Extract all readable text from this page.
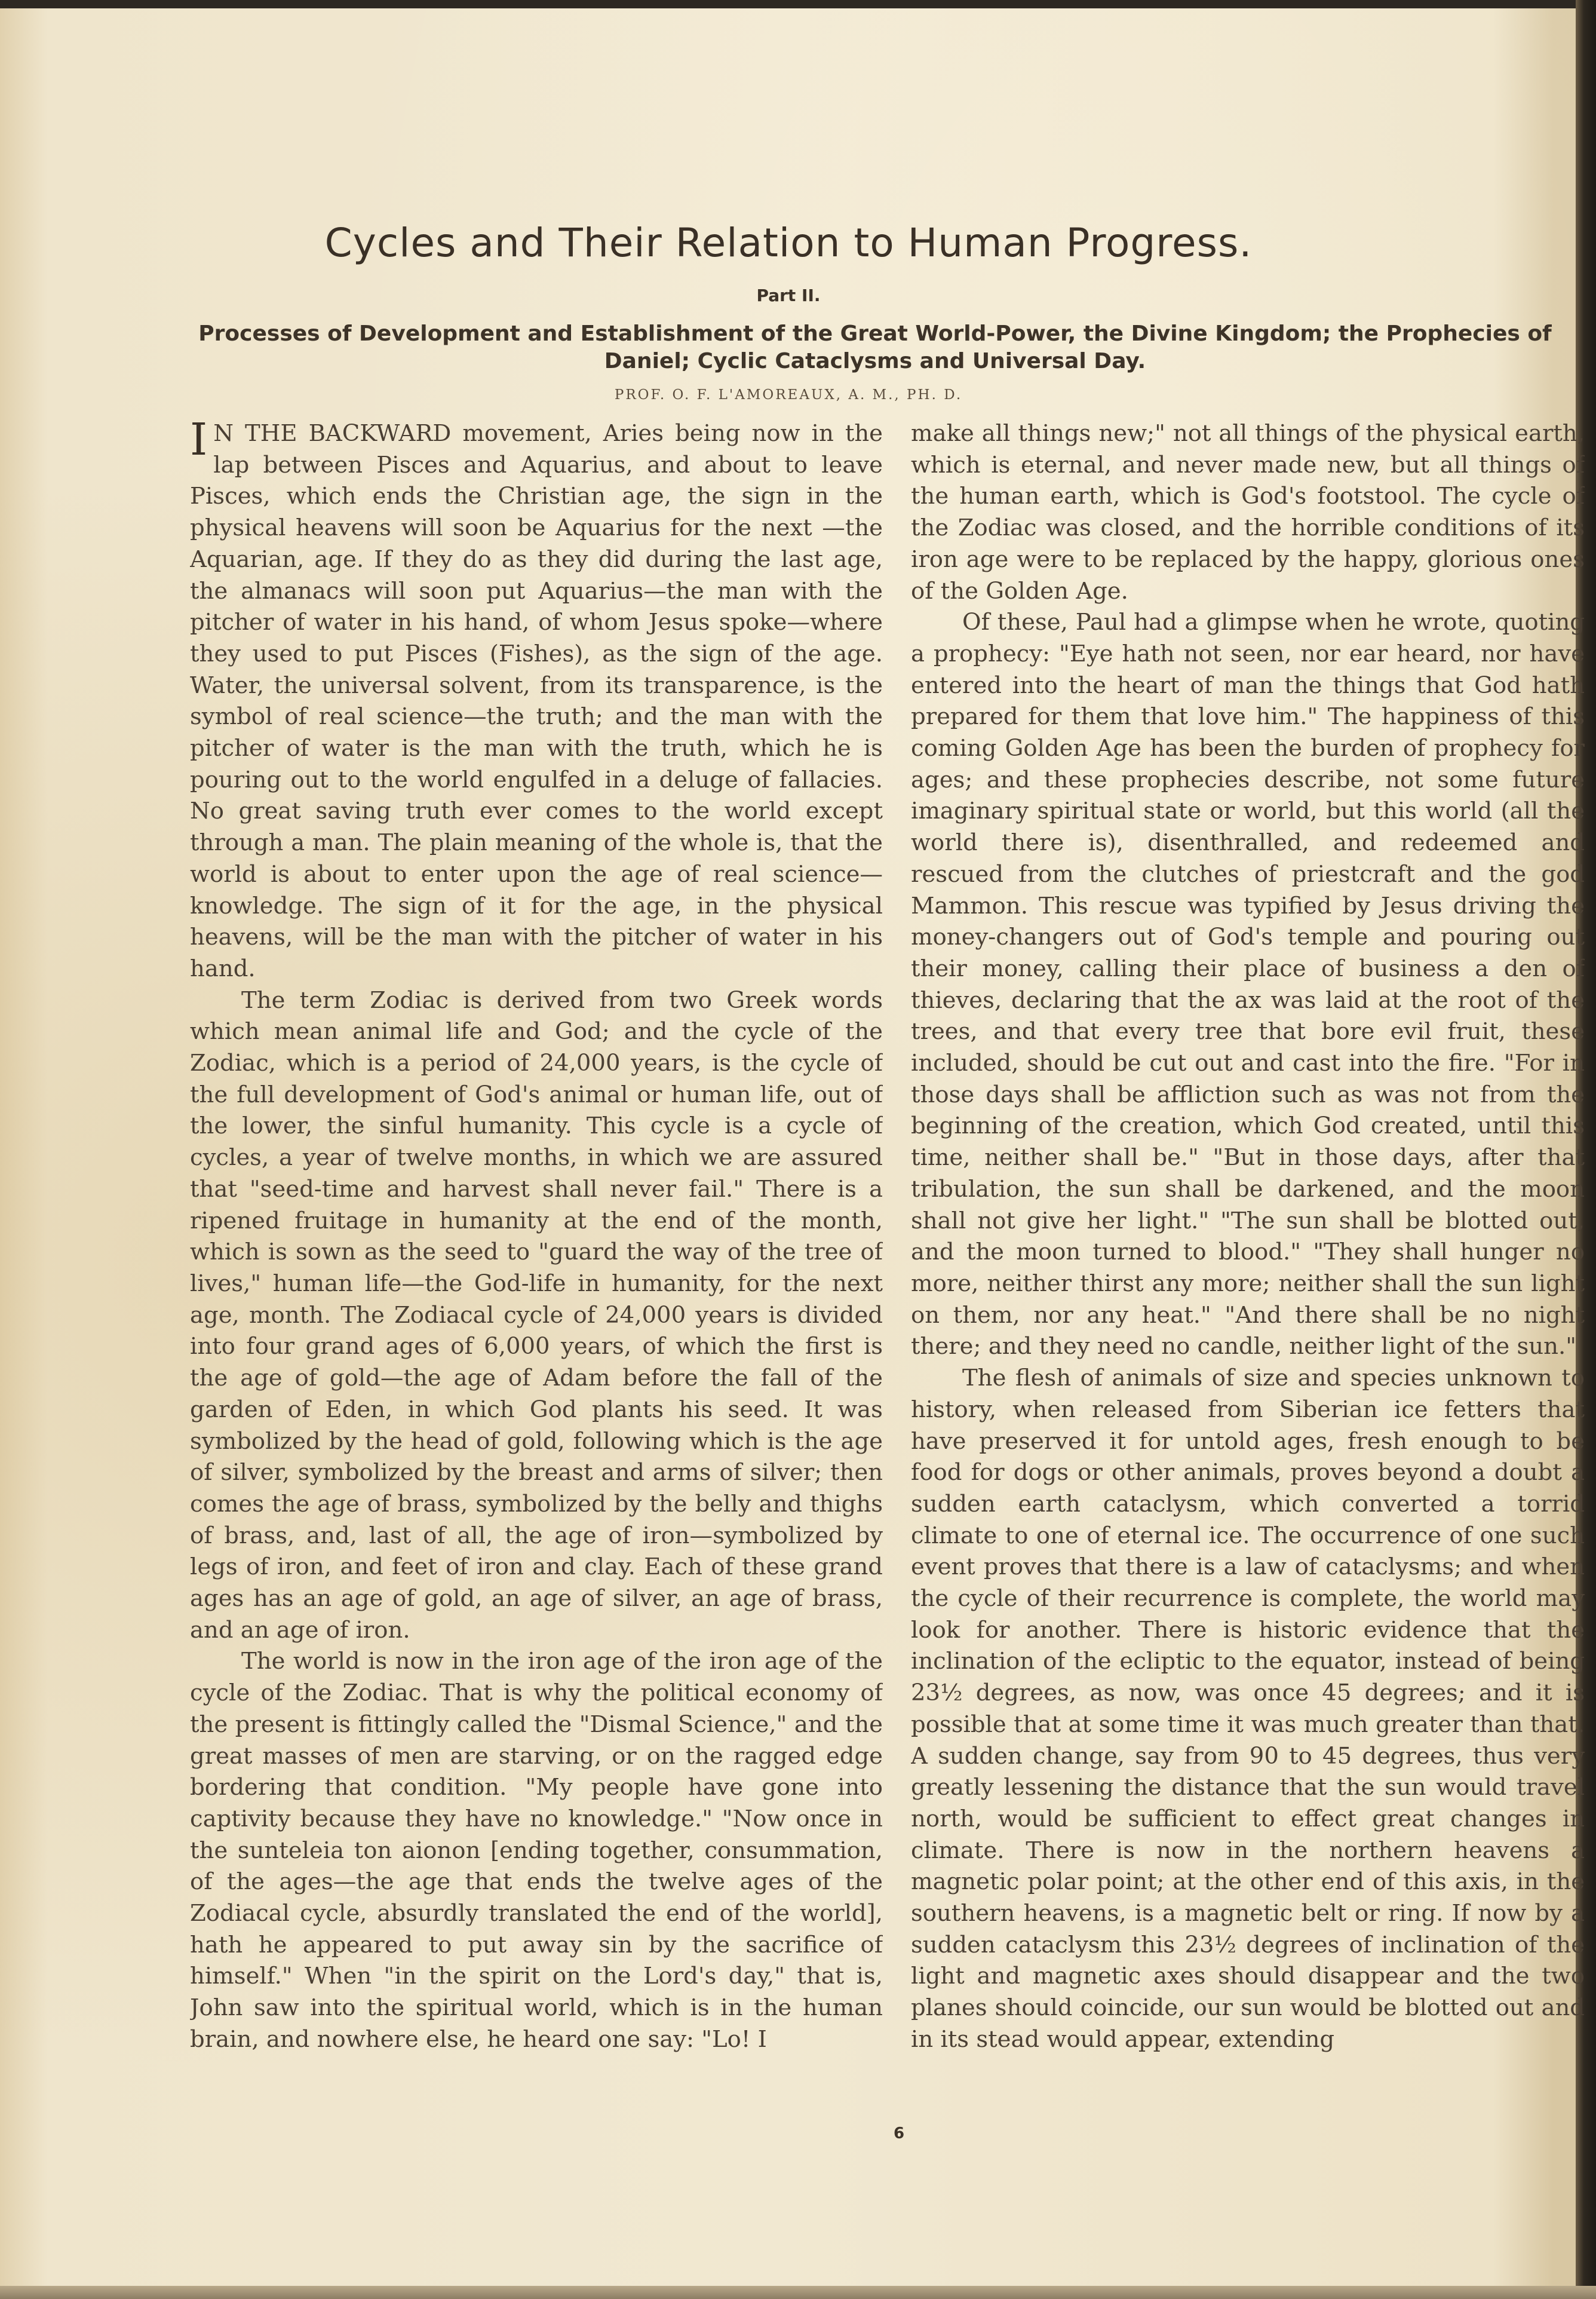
Cycles and Their Relation to Human Progress.
Part II.
Processes of Development and Establishment of the Great World-Power, the Divine Kingdom; the Prophecies of Daniel; Cyclic Cataclysms and Universal Day.
PROF. O. F. L'AMOREAUX, A. M., PH. D.

I N THE BACKWARD movement, Aries being now in the lap between Pisces and Aquarius, and about to leave Pisces, which ends the Christian age, the sign in the physical heavens will soon be Aquarius for the next —the Aquarian, age. If they do as they did during the last age, the almanacs will soon put Aquarius—the man with the pitcher of water in his hand, of whom Jesus spoke—where they used to put Pisces (Fishes), as the sign of the age. Water, the universal solvent, from its transparence, is the symbol of real science—the truth; and the man with the pitcher of water is the man with the truth, which he is pouring out to the world engulfed in a deluge of fallacies. No great saving truth ever comes to the world except through a man. The plain meaning of the whole is, that the world is about to enter upon the age of real science—knowledge. The sign of it for the age, in the physical heavens, will be the man with the pitcher of water in his hand.

The term Zodiac is derived from two Greek words which mean animal life and God; and the cycle of the Zodiac, which is a period of 24,000 years, is the cycle of the full development of God's animal or human life, out of the lower, the sinful humanity. This cycle is a cycle of cycles, a year of twelve months, in which we are assured that "seed-time and harvest shall never fail." There is a ripened fruitage in humanity at the end of the month, which is sown as the seed to "guard the way of the tree of lives," human life—the God-life in humanity, for the next age, month. The Zodiacal cycle of 24,000 years is divided into four grand ages of 6,000 years, of which the first is the age of gold—the age of Adam before the fall of the garden of Eden, in which God plants his seed. It was symbolized by the head of gold, following which is the age of silver, symbolized by the breast and arms of silver; then comes the age of brass, symbolized by the belly and thighs of brass, and, last of all, the age of iron—symbolized by legs of iron, and feet of iron and clay. Each of these grand ages has an age of gold, an age of silver, an age of brass, and an age of iron.

The world is now in the iron age of the iron age of the cycle of the Zodiac. That is why the political economy of the present is fittingly called the "Dismal Science," and the great masses of men are starving, or on the ragged edge bordering that condition. "My people have gone into captivity because they have no knowledge." "Now once in the sunteleia ton aionon [ending together, consummation, of the ages—the age that ends the twelve ages of the Zodiacal cycle, absurdly translated the end of the world], hath he appeared to put away sin by the sacrifice of himself." When "in the spirit on the Lord's day," that is, John saw into the spiritual world, which is in the human brain, and nowhere else, he heard one say: "Lo! I

make all things new;" not all things of the physical earth, which is eternal, and never made new, but all things of the human earth, which is God's footstool. The cycle of the Zodiac was closed, and the horrible conditions of its iron age were to be replaced by the happy, glorious ones of the Golden Age.

Of these, Paul had a glimpse when he wrote, quoting a prophecy: "Eye hath not seen, nor ear heard, nor have entered into the heart of man the things that God hath prepared for them that love him." The happiness of this coming Golden Age has been the burden of prophecy for ages; and these prophecies describe, not some future imaginary spiritual state or world, but this world (all the world there is), disenthralled, and redeemed and rescued from the clutches of priestcraft and the god Mammon. This rescue was typified by Jesus driving the money-changers out of God's temple and pouring out their money, calling their place of business a den of thieves, declaring that the ax was laid at the root of the trees, and that every tree that bore evil fruit, these included, should be cut out and cast into the fire. "For in those days shall be affliction such as was not from the beginning of the creation, which God created, until this time, neither shall be." "But in those days, after that tribulation, the sun shall be darkened, and the moon shall not give her light." "The sun shall be blotted out, and the moon turned to blood." "They shall hunger no more, neither thirst any more; neither shall the sun light on them, nor any heat." "And there shall be no night there; and they need no candle, neither light of the sun."

The flesh of animals of size and species unknown to history, when released from Siberian ice fetters that have preserved it for untold ages, fresh enough to be food for dogs or other animals, proves beyond a doubt a sudden earth cataclysm, which converted a torrid climate to one of eternal ice. The occurrence of one such event proves that there is a law of cataclysms; and when the cycle of their recurrence is complete, the world may look for another. There is historic evidence that the inclination of the ecliptic to the equator, instead of being 23½ degrees, as now, was once 45 degrees; and it is possible that at some time it was much greater than that. A sudden change, say from 90 to 45 degrees, thus very greatly lessening the distance that the sun would travel north, would be sufficient to effect great changes in climate. There is now in the northern heavens a magnetic polar point; at the other end of this axis, in the southern heavens, is a magnetic belt or ring. If now by a sudden cataclysm this 23½ degrees of inclination of the light and magnetic axes should disappear and the two planes should coincide, our sun would be blotted out and in its stead would appear, extending

6
